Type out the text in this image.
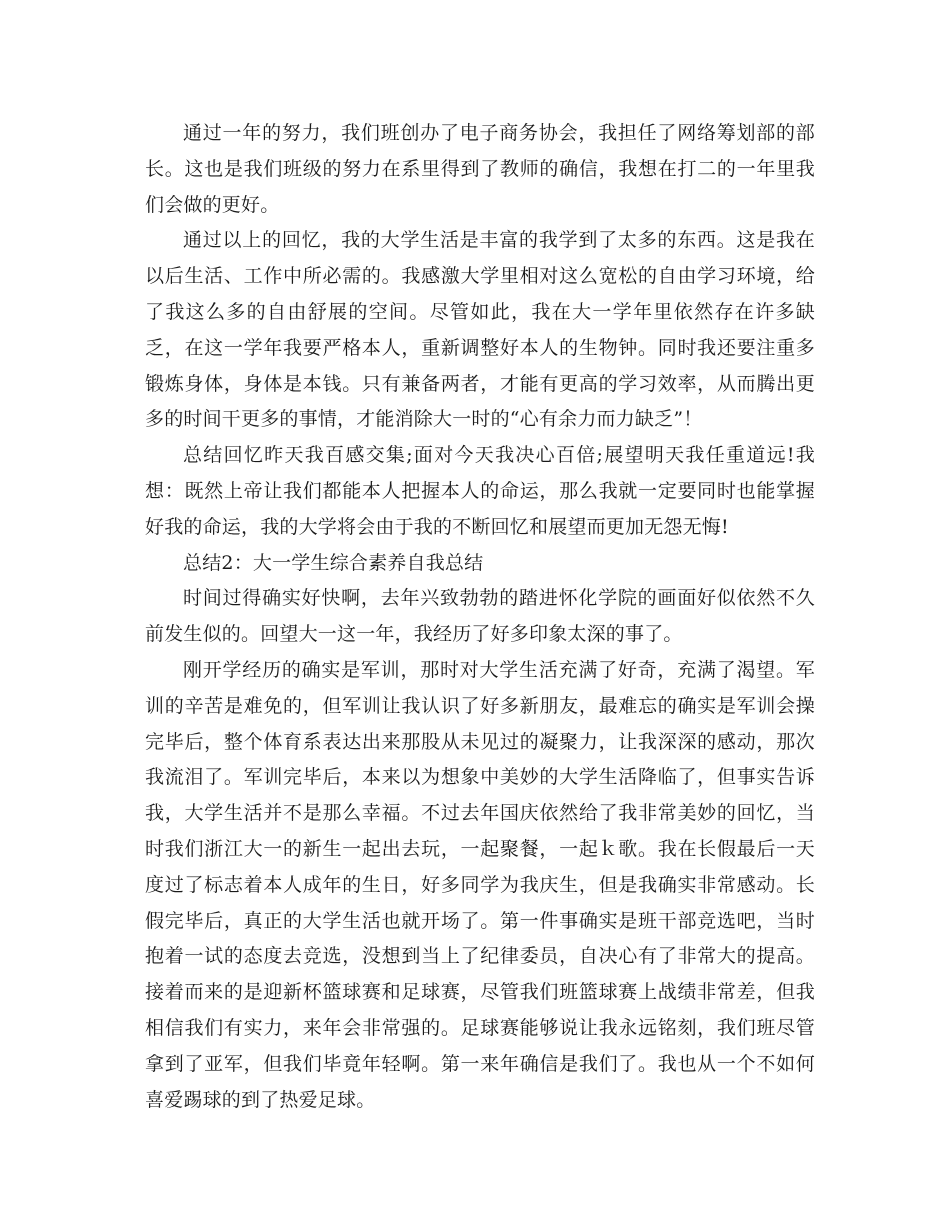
通过一年的努力，我们班创办了电子商务协会，我担任了网络筹划部的部长。这也是我们班级的努力在系里得到了教师的确信，我想在打二的一年里我们会做的更好。

通过以上的回忆，我的大学生活是丰富的我学到了太多的东西。这是我在以后生活、工作中所必需的。我感激大学里相对这么宽松的自由学习环境，给了我这么多的自由舒展的空间。尽管如此，我在大一学年里依然存在许多缺乏，在这一学年我要严格本人，重新调整好本人的生物钟。同时我还要注重多锻炼身体，身体是本钱。只有兼备两者，才能有更高的学习效率，从而腾出更多的时间干更多的事情，才能消除大一时的“心有余力而力缺乏”！

总结回忆昨天我百感交集;面对今天我决心百倍;展望明天我任重道远!我想：既然上帝让我们都能本人把握本人的命运，那么我就一定要同时也能掌握好我的命运，我的大学将会由于我的不断回忆和展望而更加无怨无悔!

总结2：大一学生综合素养自我总结

时间过得确实好快啊，去年兴致勃勃的踏进怀化学院的画面好似依然不久前发生似的。回望大一这一年，我经历了好多印象太深的事了。

刚开学经历的确实是军训，那时对大学生活充满了好奇，充满了渴望。军训的辛苦是难免的，但军训让我认识了好多新朋友，最难忘的确实是军训会操完毕后，整个体育系表达出来那股从未见过的凝聚力，让我深深的感动，那次我流泪了。军训完毕后，本来以为想象中美妙的大学生活降临了，但事实告诉我，大学生活并不是那么幸福。不过去年国庆依然给了我非常美妙的回忆，当时我们浙江大一的新生一起出去玩，一起聚餐，一起ｋ歌。我在长假最后一天度过了标志着本人成年的生日，好多同学为我庆生，但是我确实非常感动。长假完毕后，真正的大学生活也就开场了。第一件事确实是班干部竞选吧，当时抱着一试的态度去竞选，没想到当上了纪律委员，自决心有了非常大的提高。接着而来的是迎新杯篮球赛和足球赛，尽管我们班篮球赛上战绩非常差，但我相信我们有实力，来年会非常强的。足球赛能够说让我永远铭刻，我们班尽管拿到了亚军，但我们毕竟年轻啊。第一来年确信是我们了。我也从一个不如何喜爱踢球的到了热爱足球。
